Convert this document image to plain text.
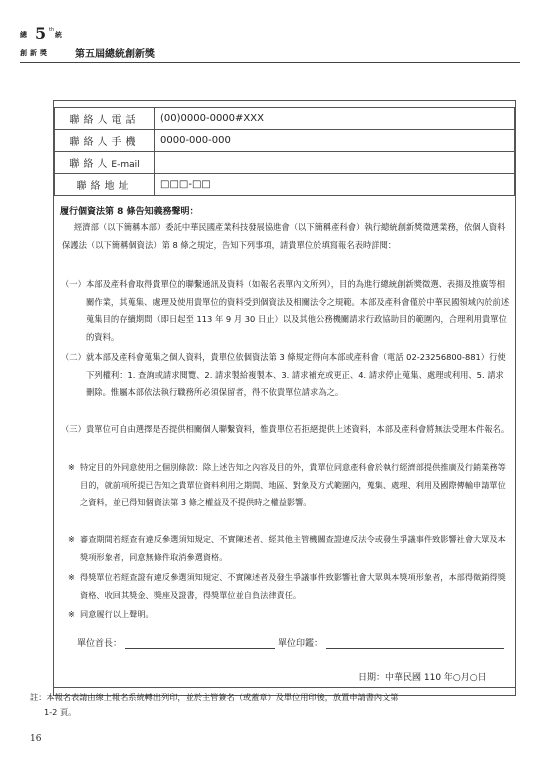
總 5 th
統
創新獎	第五屆總統創新獎
聯絡人電話	(00)0000-0000#XXX
聯絡人手機	0000-000-000
聯絡人E-mail	
聯絡地址	□□□-□□
履行個資法第 8 條告知義務聲明：

經濟部（以下簡稱本部）委託中華民國產業科技發展協進會（以下簡稱產科會）執行總統創新獎徵選業務，依個人資料保護法（以下簡稱個資法）第 8 條之規定，告知下列事項，請貴單位於填寫報名表時詳閱：

（一） 本部及產科會取得貴單位的聯繫通訊及資料（如報名表單內文所列），目的為進行總統創新獎徵選、表揚及推廣等相關作業，其蒐集、處理及使用貴單位的資料受到個資法及相關法令之規範。本部及產科會僅於中華民國領域內於前述蒐集目的存續期間（即日起至 113 年 9 月 30 日止）以及其他公務機關請求行政協助目的範圍內，合理利用貴單位的資料。
（二） 就本部及產科會蒐集之個人資料，貴單位依個資法第 3 條規定得向本部或產科會（電話 02-23256800-881）行使下列權利：1. 查詢或請求閱覽、2. 請求製給複製本、3. 請求補充或更正、4. 請求停止蒐集、處理或利用、5. 請求刪除。惟屬本部依法執行職務所必須保留者，得不依貴單位請求為之。
（三） 貴單位可自由選擇是否提供相關個人聯繫資料，惟貴單位若拒絕提供上述資料，本部及產科會將無法受理本件報名。
※ 特定目的外同意使用之個別條款：除上述告知之內容及目的外，貴單位同意產科會於執行經濟部提供推廣及行銷業務等目的，就前項所提已告知之貴單位資料利用之期間、地區、對象及方式範圍內，蒐集、處理、利用及國際傳輸申請單位之資料，並已得知個資法第 3 條之權益及不提供時之權益影響。
※ 審查期間若經查有違反參選須知規定、不實陳述者、經其他主管機關查證違反法令或發生爭議事件致影響社會大眾及本獎項形象者，同意無條件取消參選資格。
※ 得獎單位若經查證有違反參選須知規定、不實陳述者及發生爭議事件致影響社會大眾與本獎項形象者，本部得徵銷得獎資格、收回其獎金、獎座及證書，得獎單位並自負法律責任。
※ 同意履行以上聲明。
單位首長：	單位印鑑：
日期：中華民國 110 年○月○日
註：本報名表請由線上報名系統轉出列印，並於主管簽名（或蓋章）及單位用印後，放置申請書內文第
1-2 頁。
16
